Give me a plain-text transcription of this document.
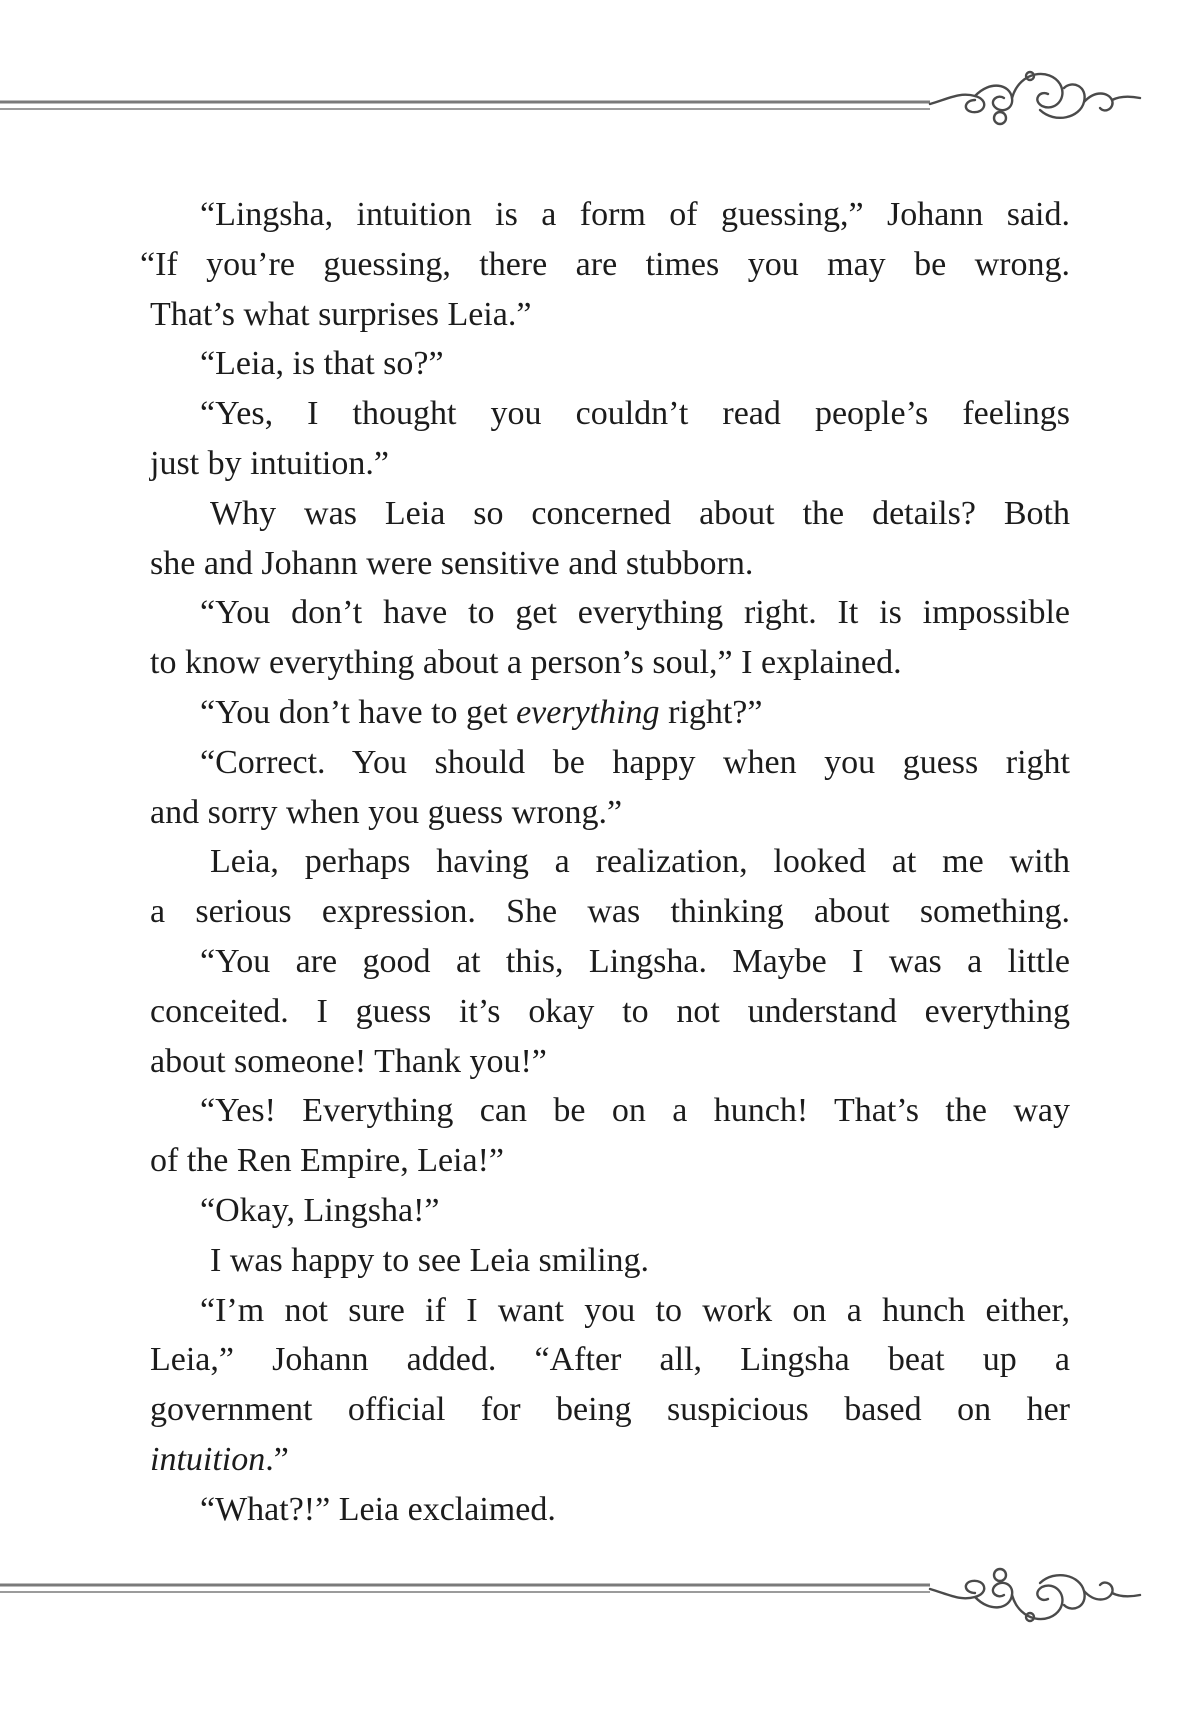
“Lingsha, intuition is a form of guessing,” Johann said.
“If you’re guessing, there are times you may be wrong.
That’s what surprises Leia.”
“Leia, is that so?”
“Yes, I thought you couldn’t read people’s feelings
just by intuition.”
Why was Leia so concerned about the details? Both
she and Johann were sensitive and stubborn.
“You don’t have to get everything right. It is impossible
to know everything about a person’s soul,” I explained.
“You don’t have to get everything right?”
“Correct. You should be happy when you guess right
and sorry when you guess wrong.”
Leia, perhaps having a realization, looked at me with
a serious expression. She was thinking about something.
“You are good at this, Lingsha. Maybe I was a little
conceited. I guess it’s okay to not understand everything
about someone! Thank you!”
“Yes! Everything can be on a hunch! That’s the way
of the Ren Empire, Leia!”
“Okay, Lingsha!”
I was happy to see Leia smiling.
“I’m not sure if I want you to work on a hunch either,
Leia,” Johann added. “After all, Lingsha beat up a
government official for being suspicious based on her
intuition.”
“What?!” Leia exclaimed.
